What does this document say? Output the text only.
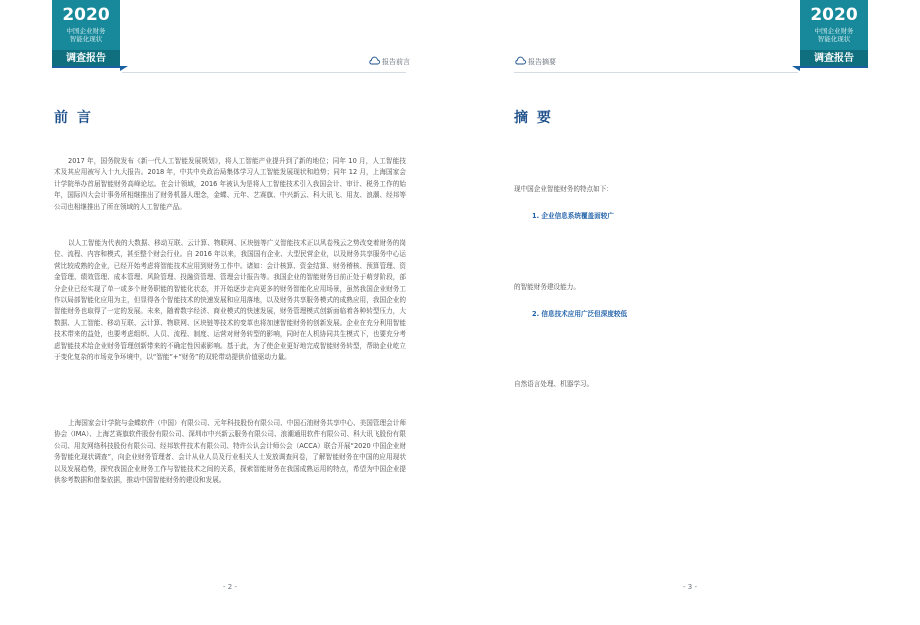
2020
中国企业财务
智能化现状
调查报告	报告前言
前 言

2017 年，国务院发布《新一代人工智能发展规划》，将人工智能产业提升到了新的地位；同年 10 月，人工智能技术及其应用被写入十九大报告。2018 年，中共中央政治局集体学习人工智能发展现状和趋势；同年 12 月，上海国家会计学院举办首届智能财务高峰论坛。在会计领域，2016 年被认为是将人工智能技术引入我国会计、审计、税务工作的始年，国际四大会计事务所相继推出了财务机器人理念，金蝶、元年、艺赛旗、中兴新云、科大讯飞、用友、浪潮、经邦等公司也相继推出了所在领域的人工智能产品。

以人工智能为代表的大数据、移动互联、云计算、物联网、区块链等广义智能技术正以风卷残云之势改变着财务的岗位、流程、内容和模式，甚至整个财会行业。自 2016 年以来，我国国有企业、大型民营企业，以及财务共享服务中心运营比较成熟的企业，已经开始考虑将智能技术应用到财务工作中。诸如：会计核算、资金结算、财务稽核、预算管理、资金管理、绩效管理、成本管理、风险管理、投融资管理、管理会计报告等。我国企业的智能财务目前正处于萌芽阶段，部分企业已经实现了单一或多个财务职能的智能化状态，并开始逐步走向更多的财务智能化应用场景，虽然我国企业财务工作以局部智能化应用为主，但显得各个智能技术的快速发展和应用落地，以及财务共享服务模式的成熟应用，我国企业的智能财务也取得了一定的发展。未来，随着数字经济、商业模式的快速发展，财务管理模式创新面临着各种转型压力，大数据、人工智能、移动互联、云计算、物联网、区块链等技术的变革也将加速智能财务的创新发展。企业在充分利用智能技术带来的益处，也要考虑组织、人员、流程、制度、运营对财务转型的影响，同时在人机协同共生模式下，也要充分考虑智能技术给企业财务管理创新带来的不确定性因素影响。基于此，为了使企业更好地完成智能财务转型，帮助企业屹立于变化复杂的市场竞争环境中，以“智能”+“财务”的双轮带动提供价值驱动力量。

上海国家会计学院与金蝶软件（中国）有限公司、元年科技股份有限公司、中国石油财务共享中心、美国管理会计师协会（IMA）、上海艺赛旗软件股份有限公司、深圳市中兴新云服务有限公司、浪潮通用软件有限公司、科大讯飞股份有限公司、用友网络科技股份有限公司、经邦软件技术有限公司、特许公认会计师公会（ACCA）联合开展“2020 中国企业财务智能化现状调查”，向企业财务管理者、会计从业人员及行业相关人士发放调查问卷，了解智能财务在中国的应用现状以及发展趋势，探究我国企业财务工作与智能技术之间的关系，探索智能财务在我国成熟运用的特点，希望为中国企业提供参考数据和借鉴依据，推动中国智能财务的建设和发展。

- 2 -
2020
中国企业财务
智能化现状
调查报告
报告摘要
摘 要
现中国企业智能财务的特点如下：
1. 企业信息系统覆盖面较广
的智能财务建设能力。
2. 信息技术应用广泛但深度较低
自然语言处理、机器学习。
- 3 -
